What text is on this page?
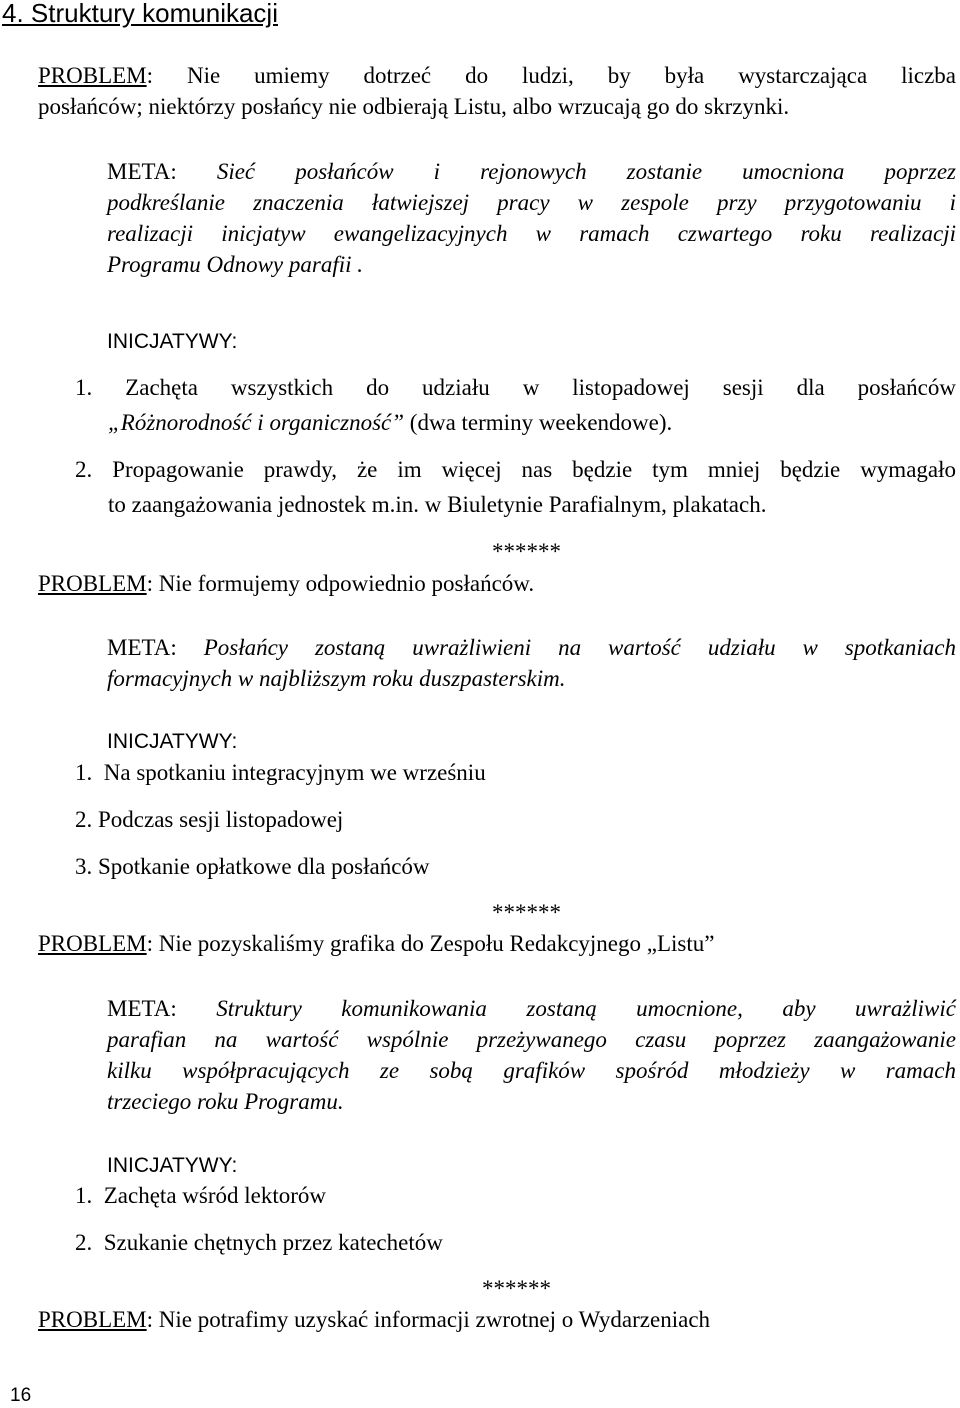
4. Struktury komunikacji
PROBLEM: Nie umiemy dotrzeć do ludzi, by była wystarczająca liczba
posłańców; niektórzy posłańcy nie odbierają Listu, albo wrzucają go do skrzynki.
META: Sieć posłańców i rejonowych zostanie umocniona poprzez
podkreślanie znaczenia łatwiejszej pracy w zespole przy przygotowaniu i
realizacji inicjatyw ewangelizacyjnych w ramach czwartego roku realizacji
Programu Odnowy parafii .
INICJATYWY:
1. Zachęta wszystkich do udziału w listopadowej sesji dla posłańców
„Różnorodność i organiczność” (dwa terminy weekendowe).
2. Propagowanie prawdy, że im więcej nas będzie tym mniej będzie wymagało
to zaangażowania jednostek m.in. w Biuletynie Parafialnym, plakatach.
******
PROBLEM: Nie formujemy odpowiednio posłańców.
META: Posłańcy zostaną uwrażliwieni na wartość udziału w spotkaniach
formacyjnych w najbliższym roku duszpasterskim.
INICJATYWY:
1. Na spotkaniu integracyjnym we wrześniu
2. Podczas sesji listopadowej
3. Spotkanie opłatkowe dla posłańców
******
PROBLEM: Nie pozyskaliśmy grafika do Zespołu Redakcyjnego „Listu”
META: Struktury komunikowania zostaną umocnione, aby uwrażliwić
parafian na wartość wspólnie przeżywanego czasu poprzez zaangażowanie
kilku współpracujących ze sobą grafików spośród młodzieży w ramach
trzeciego roku Programu.
INICJATYWY:
1. Zachęta wśród lektorów
2. Szukanie chętnych przez katechetów
******
PROBLEM: Nie potrafimy uzyskać informacji zwrotnej o Wydarzeniach
16
